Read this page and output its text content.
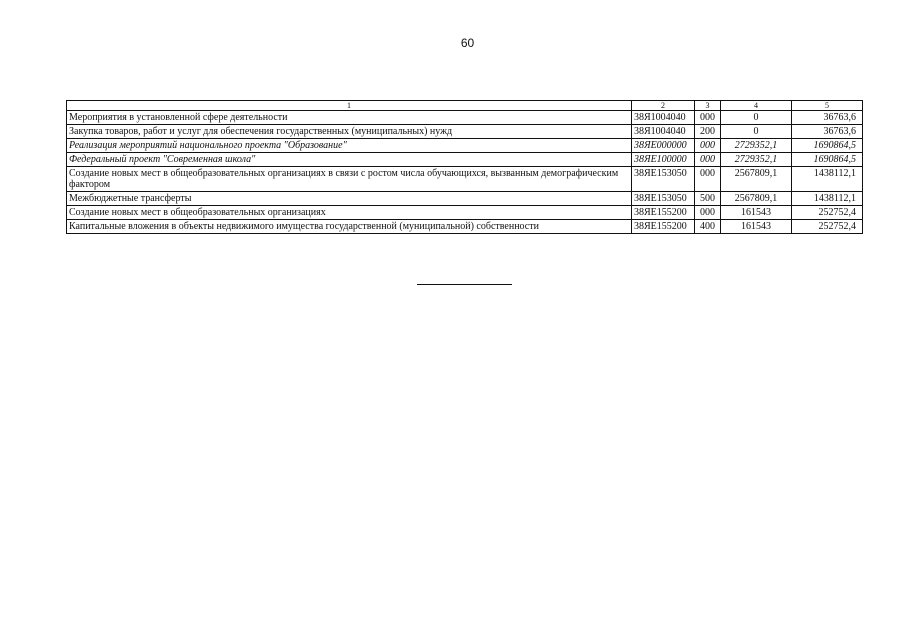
60
1	2	3	4	5
Мероприятия в установленной сфере деятельности	38Я1004040	000	0	36763,6
Закупка товаров, работ и услуг для обеспечения государственных (муниципальных) нужд	38Я1004040	200	0	36763,6
Реализация мероприятий национального проекта "Образование"	38ЯЕ000000	000	2729352,1	1690864,5
Федеральный проект "Современная школа"	38ЯЕ100000	000	2729352,1	1690864,5
Создание новых мест в общеобразовательных организациях в связи с ростом числа обучающихся, вызванным демографическим фактором	38ЯЕ153050	000	2567809,1	1438112,1
Межбюджетные трансферты	38ЯЕ153050	500	2567809,1	1438112,1
Создание новых мест в общеобразовательных организациях	38ЯЕ155200	000	161543	252752,4
Капитальные вложения в объекты недвижимого имущества государственной (муниципальной) собственности	38ЯЕ155200	400	161543	252752,4
